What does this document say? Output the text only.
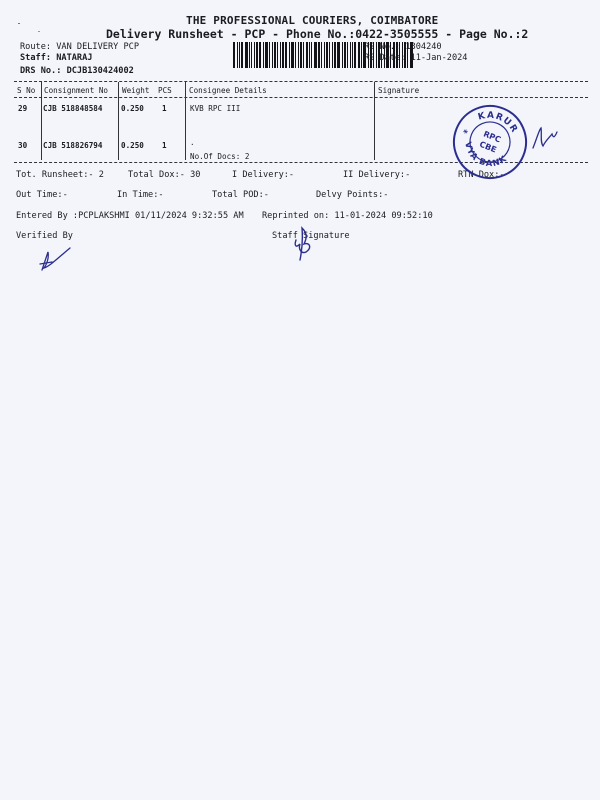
THE PROFESSIONAL COURIERS, COIMBATORE
Delivery Runsheet - PCP - Phone No.:0422-3505555 - Page No.:2
Route: VAN DELIVERY PCP
Staff: NATARAJ
DRS No.: DCJB130424002
RS No.: 1304240
RS Date: 11-Jan-2024
S No Consignment No Weight PCS Consignee Details	Signature
29 CJB 518848584 0.250 1	KVB RPC III
30 CJB 518826794 0.250 1	.
No.Of Docs: 2
Tot. Runsheet:- 2	Total Dox:- 30	I Delivery:-	II Delivery:-	RTN Dox:-
Out Time:-	In Time:-	Total POD:-	Delvy Points:-
Entered By :PCPLAKSHMI 01/11/2024 9:32:55 AM Reprinted on: 11-01-2024 09:52:10
Verified By	Staff Signature
KARUR
VYA BANK
RPC
CBE
*
